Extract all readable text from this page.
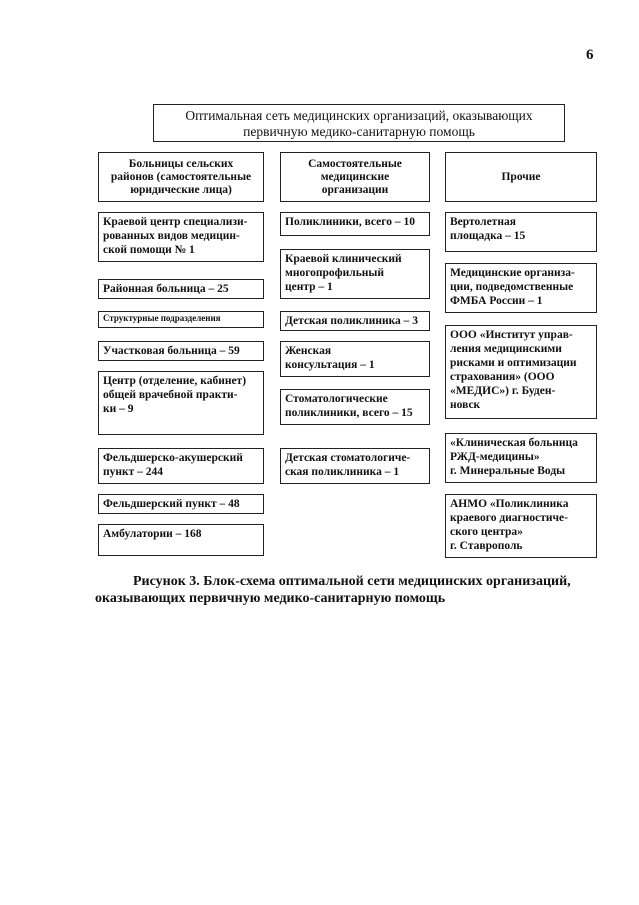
6
Оптимальная сеть медицинских организаций, оказывающих
первичную медико-санитарную помощь
Больницы сельских
районов (самостоятельные
юридические лица)
Самостоятельные
медицинские
организации
Прочие
Краевой центр специализи-
рованных видов медицин-
ской помощи № 1
Районная больница – 25
Структурные подразделения
Участковая больница – 59
Центр (отделение, кабинет)
общей врачебной практи-
ки – 9
Фельдшерско-акушерский
пункт – 244
Фельдшерский пункт – 48
Амбулатории – 168
Поликлиники, всего – 10
Краевой клинический
многопрофильный
центр – 1
Детская поликлиника – 3
Женская
консультация – 1
Стоматологические
поликлиники, всего – 15
Детская стоматологиче-
ская поликлиника – 1
Вертолетная
площадка – 15
Медицинские организа-
ции, подведомственные
ФМБА России – 1
ООО «Институт управ-
ления медицинскими
рисками и оптимизации
страхования» (ООО
«МЕДИС») г. Буден-
новск
«Клиническая больница
РЖД-медицины»
г. Минеральные Воды
АНМО «Поликлиника
краевого диагностиче-
ского центра»
г. Ставрополь
Рисунок 3. Блок-схема оптимальной сети медицинских организаций,
оказывающих первичную медико-санитарную помощь
